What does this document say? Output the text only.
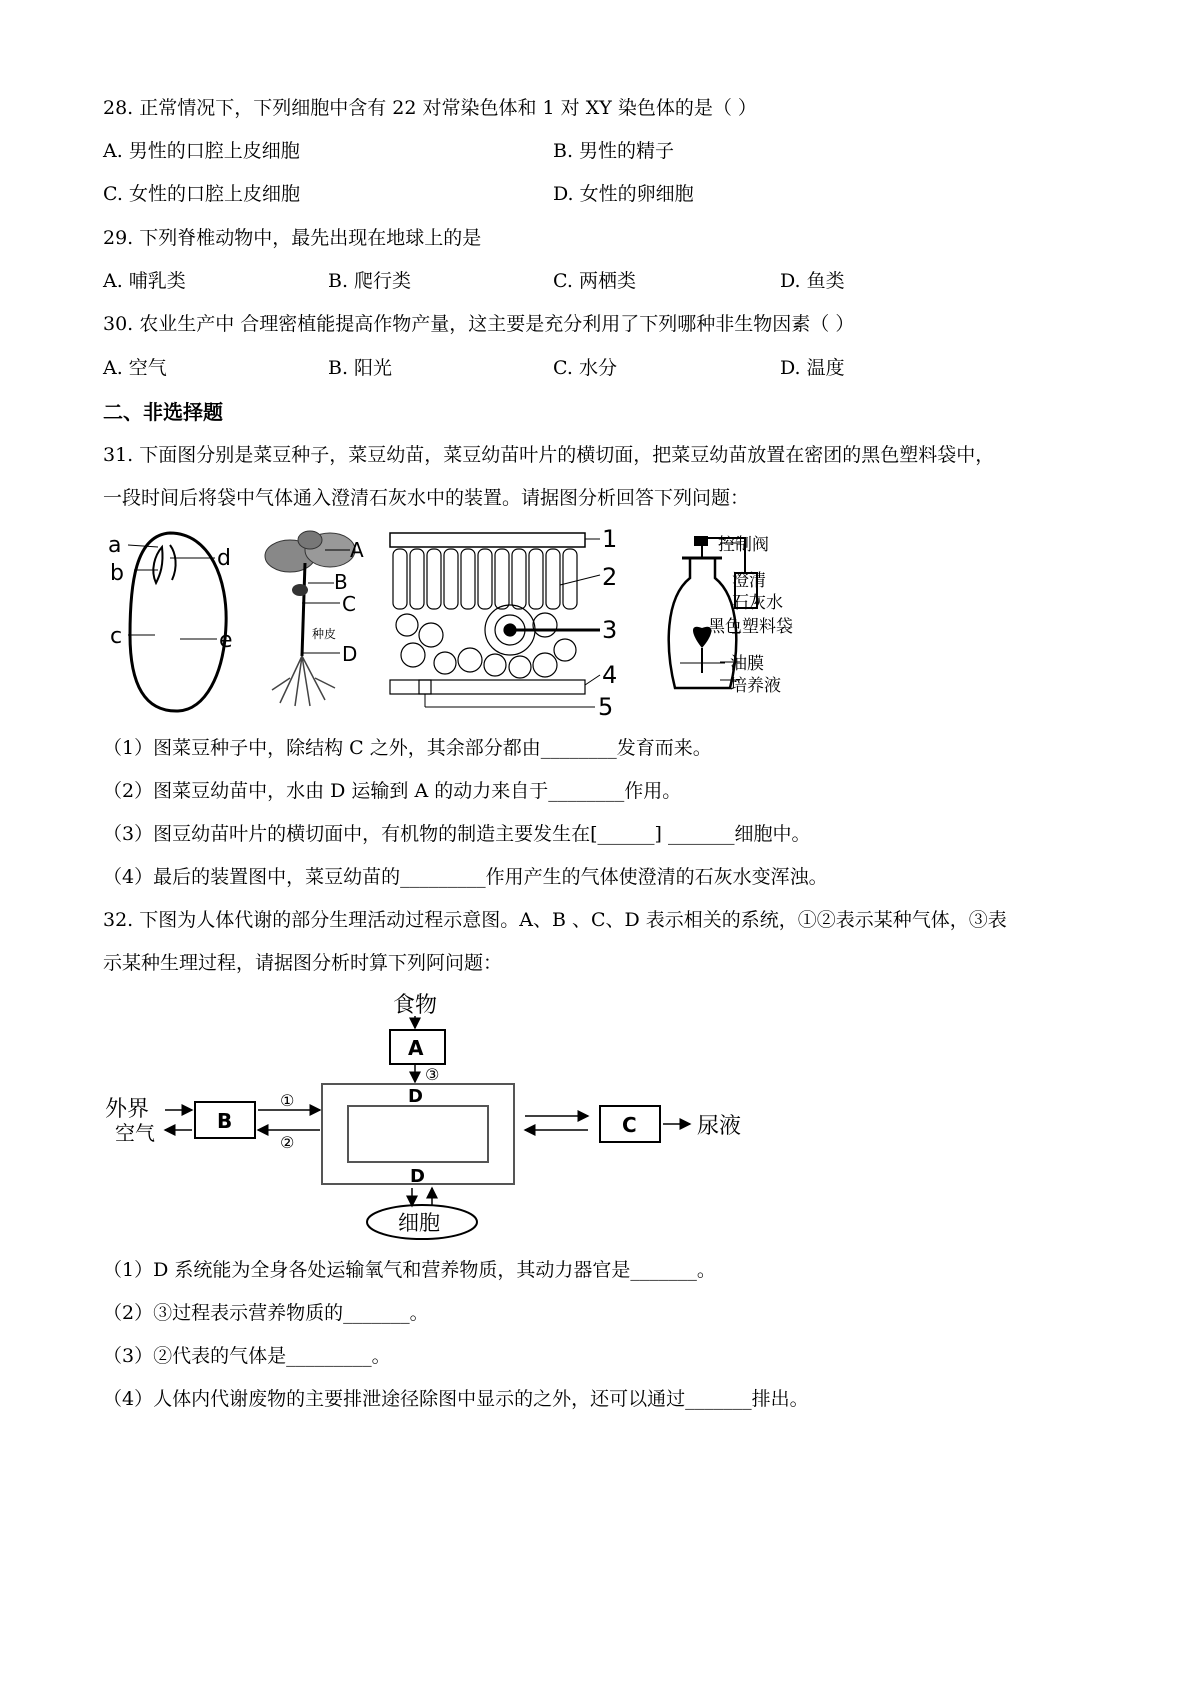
28. 正常情况下，下列细胞中含有 22 对常染色体和 1 对 XY 染色体的是（ ）
A. 男性的口腔上皮细胞	B. 男性的精子
C. 女性的口腔上皮细胞	D. 女性的卵细胞
29. 下列脊椎动物中，最先出现在地球上的是
A. 哺乳类	B. 爬行类	C. 两栖类	D. 鱼类
30. 农业生产中 合理密植能提高作物产量，这主要是充分利用了下列哪种非生物因素（ ）
A. 空气	B. 阳光	C. 水分	D. 温度
二、非选择题
31. 下面图分别是菜豆种子，菜豆幼苗，菜豆幼苗叶片的横切面，把菜豆幼苗放置在密团的黑色塑料袋中，
一段时间后将袋中气体通入澄清石灰水中的装置。请据图分析回答下列问题：
a
b
c
d
e
A
B
C
D
种皮
1
2
3
4
5
控制阀
澄清
石灰水
黑色塑料袋
油膜
培养液
（1）图菜豆种子中，除结构 C 之外，其余部分都由________发育而来。
（2）图菜豆幼苗中，水由 D 运输到 A 的动力来自于________作用。
（3）图豆幼苗叶片的横切面中，有机物的制造主要发生在[______] _______细胞中。
（4）最后的装置图中，菜豆幼苗的_________作用产生的气体使澄清的石灰水变浑浊。
32. 下图为人体代谢的部分生理活动过程示意图。A、B 、C、D 表示相关的系统，①②表示某种气体，③表
示某种生理过程，请据图分析时算下列阿问题：
食物
A
③
D
D
外界
空气	B
①
②
C	尿液
细胞
（1）D 系统能为全身各处运输氧气和营养物质，其动力器官是_______。
（2）③过程表示营养物质的_______。
（3）②代表的气体是_________。
（4）人体内代谢废物的主要排泄途径除图中显示的之外，还可以通过_______排出。
